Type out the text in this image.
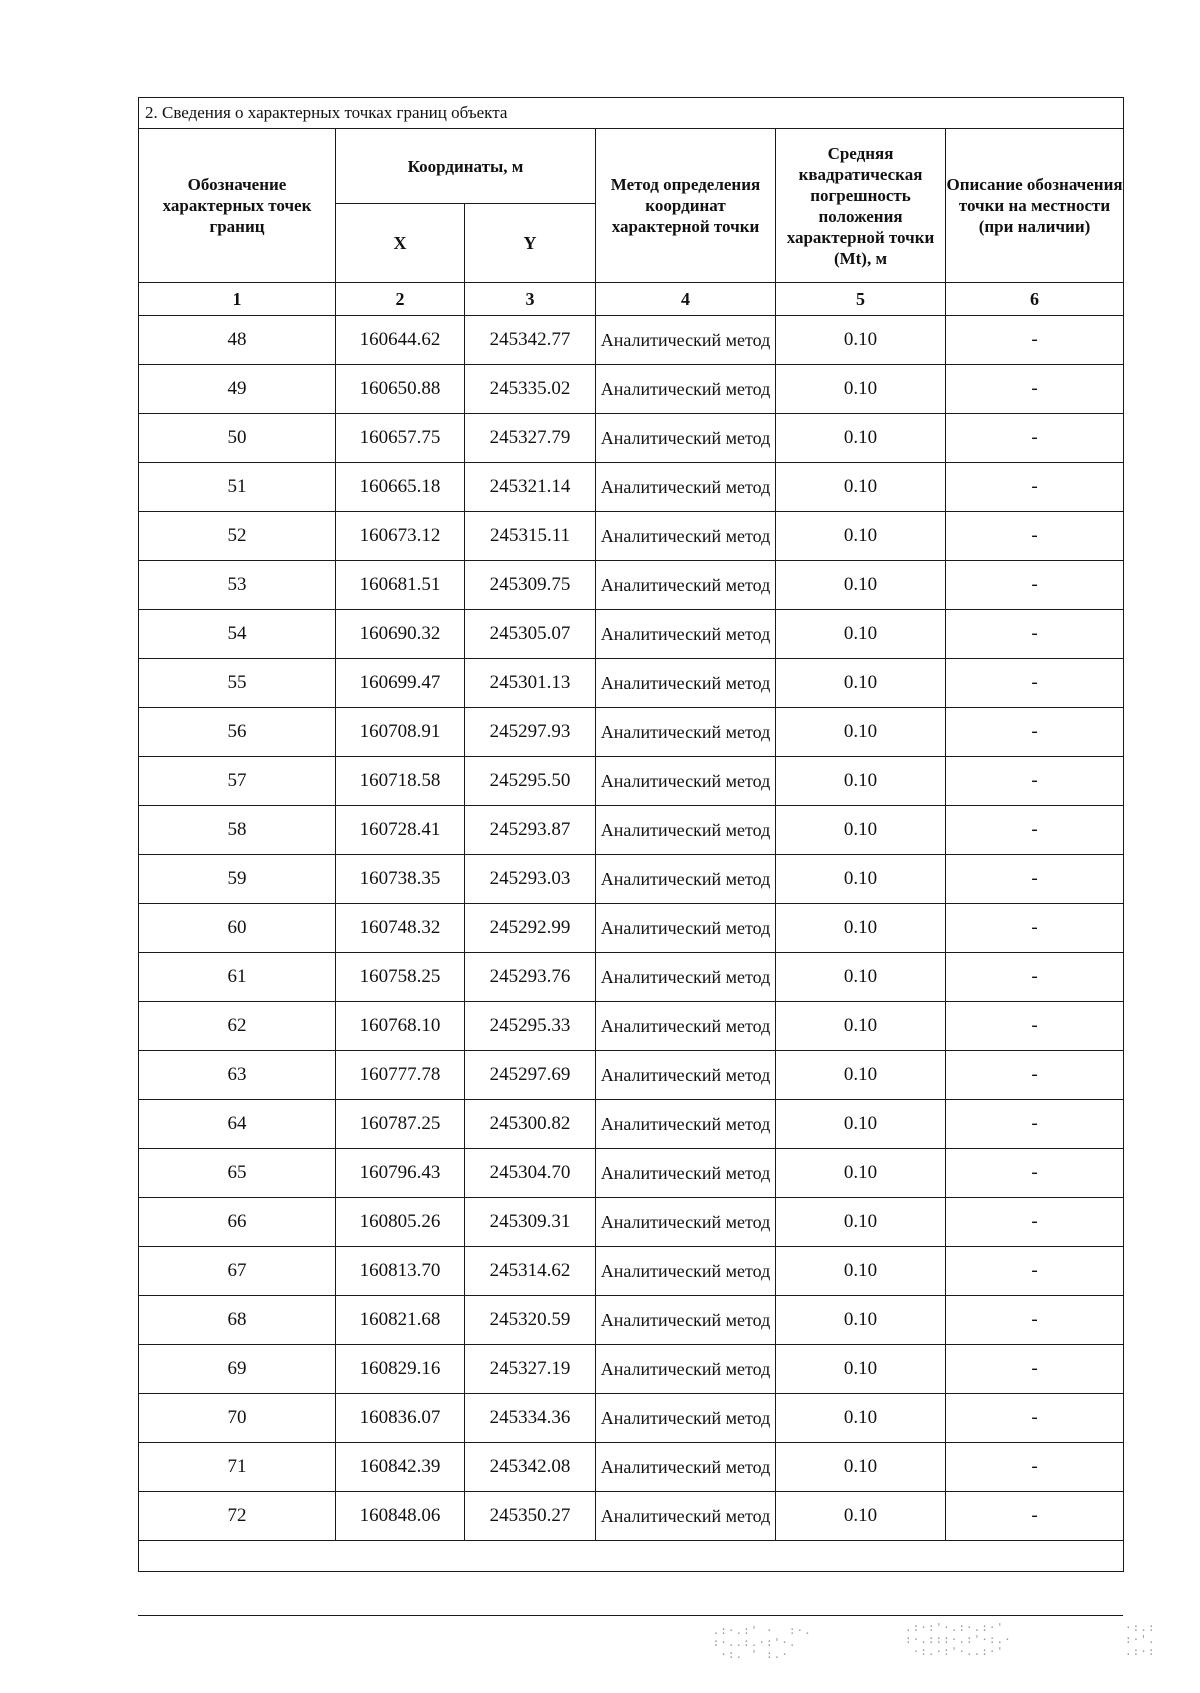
2. Сведения о характерных точках границ объекта					
Обозначение характерных точек границ	Координаты, м		Метод определения координат характерной точки	Средняя квадратическая погрешность положения характерной точки (Mt), м	Описание обозначения точки на местности (при наличии)
	X	Y			
1	2	3	4	5	6
48	160644.62	245342.77	Аналитический метод	0.10	-
49	160650.88	245335.02	Аналитический метод	0.10	-
50	160657.75	245327.79	Аналитический метод	0.10	-
51	160665.18	245321.14	Аналитический метод	0.10	-
52	160673.12	245315.11	Аналитический метод	0.10	-
53	160681.51	245309.75	Аналитический метод	0.10	-
54	160690.32	245305.07	Аналитический метод	0.10	-
55	160699.47	245301.13	Аналитический метод	0.10	-
56	160708.91	245297.93	Аналитический метод	0.10	-
57	160718.58	245295.50	Аналитический метод	0.10	-
58	160728.41	245293.87	Аналитический метод	0.10	-
59	160738.35	245293.03	Аналитический метод	0.10	-
60	160748.32	245292.99	Аналитический метод	0.10	-
61	160758.25	245293.76	Аналитический метод	0.10	-
62	160768.10	245295.33	Аналитический метод	0.10	-
63	160777.78	245297.69	Аналитический метод	0.10	-
64	160787.25	245300.82	Аналитический метод	0.10	-
65	160796.43	245304.70	Аналитический метод	0.10	-
66	160805.26	245309.31	Аналитический метод	0.10	-
67	160813.70	245314.62	Аналитический метод	0.10	-
68	160821.68	245320.59	Аналитический метод	0.10	-
69	160829.16	245327.19	Аналитический метод	0.10	-
70	160836.07	245334.36	Аналитический метод	0.10	-
71	160842.39	245342.08	Аналитический метод	0.10	-
72	160848.06	245350.27	Аналитический метод	0.10	-

.:·.:' ·  :·.
:·..:.·:'·.
·:. ' :.·
.:·:'·.:·.:·'
:·.:::·.:'·:.·
·:.·:'·..:·'
·:.:
:·'.
.:·:
